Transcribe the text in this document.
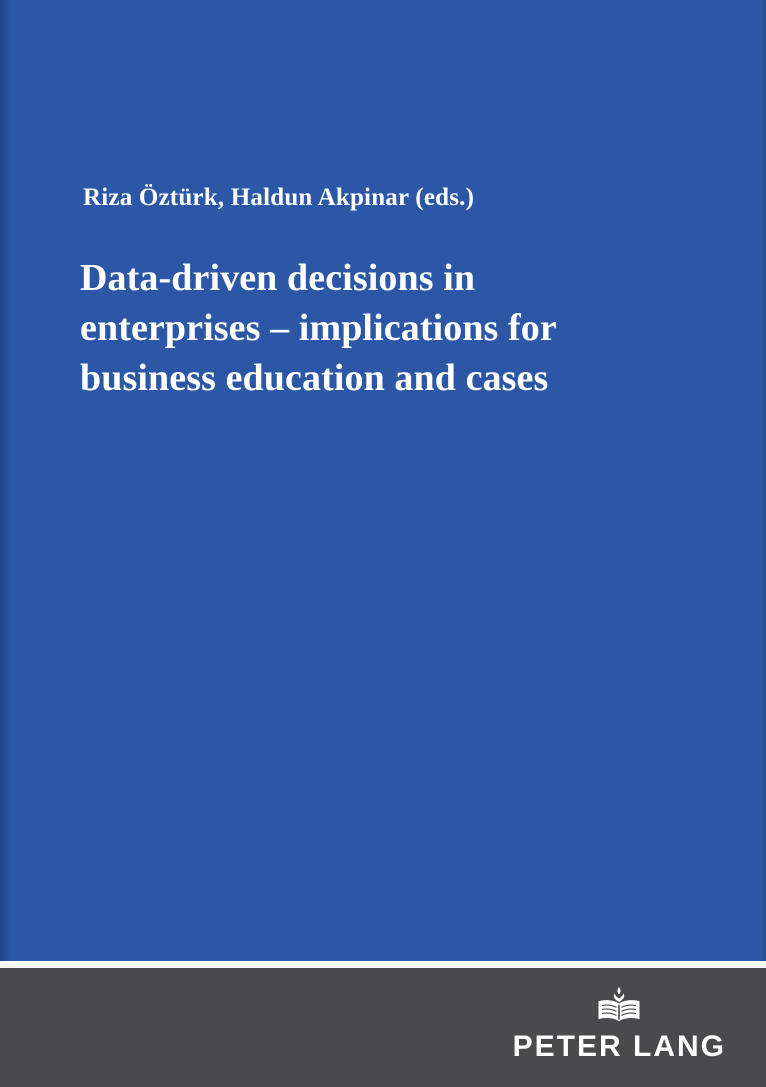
Riza Öztürk, Haldun Akpinar (eds.)
Data-driven decisions in
enterprises – implications for
business education and cases
PETER LANG
